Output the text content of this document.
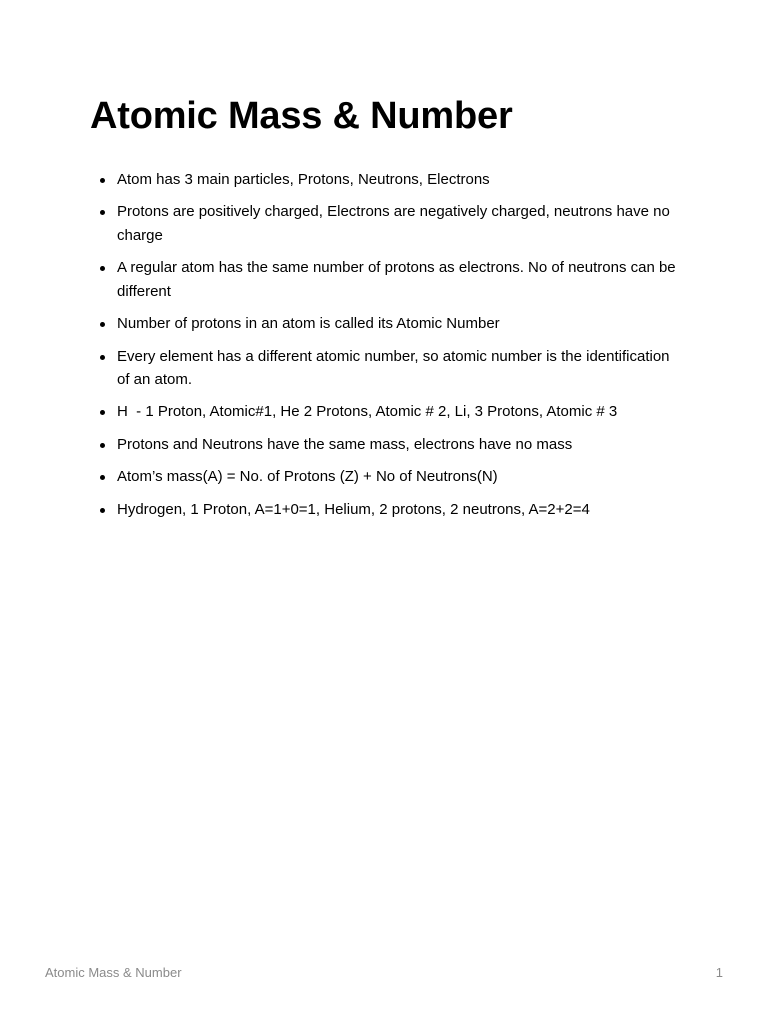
Atomic Mass & Number
Atom has 3 main particles, Protons, Neutrons, Electrons
Protons are positively charged, Electrons are negatively charged, neutrons have no charge
A regular atom has the same number of protons as electrons. No of neutrons can be different
Number of protons in an atom is called its Atomic Number
Every element has a different atomic number, so atomic number is the identification of an atom.
H  - 1 Proton, Atomic#1, He 2 Protons, Atomic # 2, Li, 3 Protons, Atomic # 3
Protons and Neutrons have the same mass, electrons have no mass
Atom’s mass(A) = No. of Protons (Z) + No of Neutrons(N)
Hydrogen, 1 Proton, A=1+0=1, Helium, 2 protons, 2 neutrons, A=2+2=4
Atomic Mass & Number	1
